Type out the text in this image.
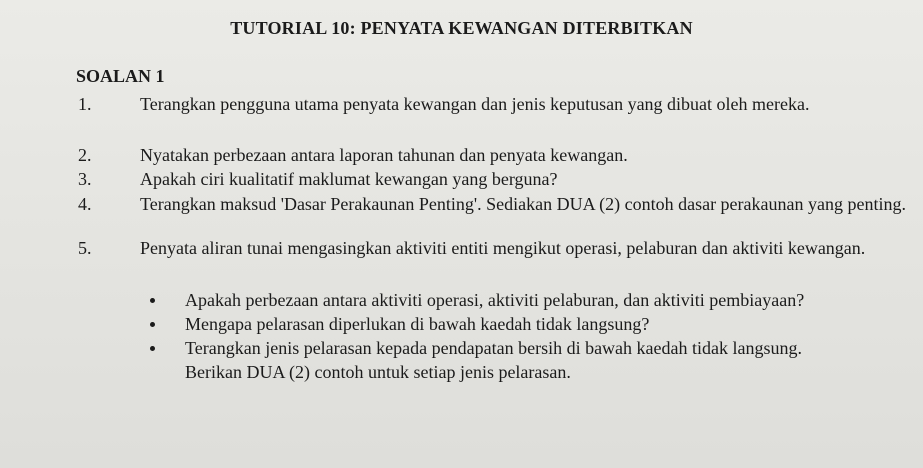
TUTORIAL 10: PENYATA KEWANGAN DITERBITKAN
SOALAN 1
1.	Terangkan pengguna utama penyata kewangan dan jenis keputusan yang dibuat oleh mereka.
2.	Nyatakan perbezaan antara laporan tahunan dan penyata kewangan.
3.	Apakah ciri kualitatif maklumat kewangan yang berguna?
4.	Terangkan maksud 'Dasar Perakaunan Penting'. Sediakan DUA (2) contoh dasar perakaunan yang penting.
5.	Penyata aliran tunai mengasingkan aktiviti entiti mengikut operasi, pelaburan dan aktiviti kewangan.
Apakah perbezaan antara aktiviti operasi, aktiviti pelaburan, dan aktiviti pembiayaan?
Mengapa pelarasan diperlukan di bawah kaedah tidak langsung?
Terangkan jenis pelarasan kepada pendapatan bersih di bawah kaedah tidak langsung.
Berikan DUA (2) contoh untuk setiap jenis pelarasan.
